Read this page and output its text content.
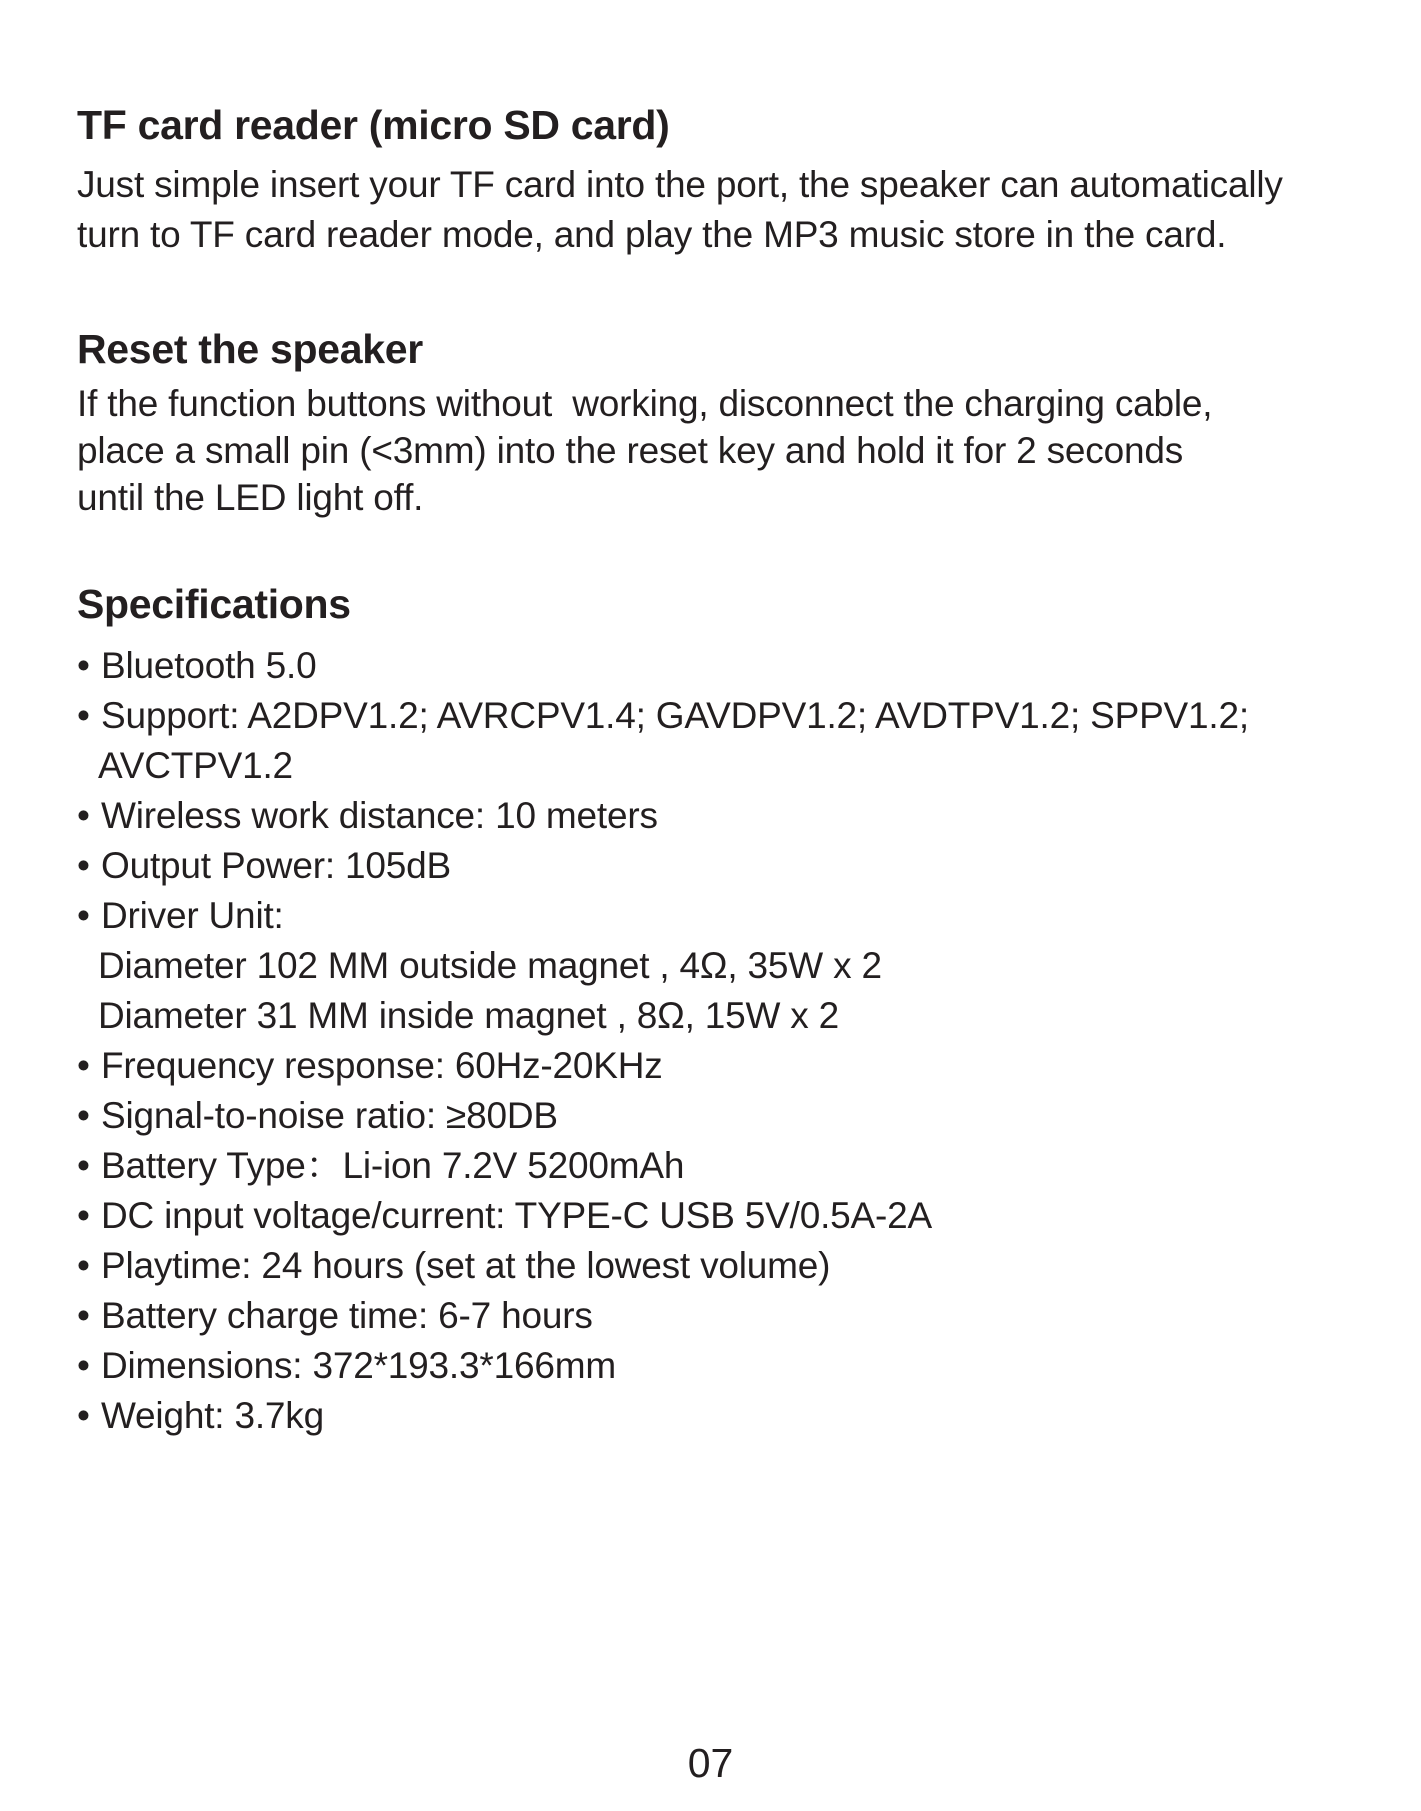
TF card reader (micro SD card)

Just simple insert your TF card into the port, the speaker can automatically
turn to TF card reader mode, and play the MP3 music store in the card.

Reset the speaker

If the function buttons without  working, disconnect the charging cable,
place a small pin (<3mm) into the reset key and hold it for 2 seconds
until the LED light off.

Specifications
• Bluetooth 5.0
• Support: A2DPV1.2; AVRCPV1.4; GAVDPV1.2; AVDTPV1.2; SPPV1.2;
AVCTPV1.2
• Wireless work distance: 10 meters
• Output Power: 105dB
• Driver Unit:
Diameter 102 MM outside magnet , 4Ω, 35W x 2
Diameter 31 MM inside magnet , 8Ω, 15W x 2
• Frequency response: 60Hz-20KHz
• Signal-to-noise ratio: ≥80DB
• Battery Type：Li-ion 7.2V 5200mAh
• DC input voltage/current: TYPE-C USB 5V/0.5A-2A
• Playtime: 24 hours (set at the lowest volume)
• Battery charge time: 6-7 hours
• Dimensions: 372*193.3*166mm
• Weight: 3.7kg
07
